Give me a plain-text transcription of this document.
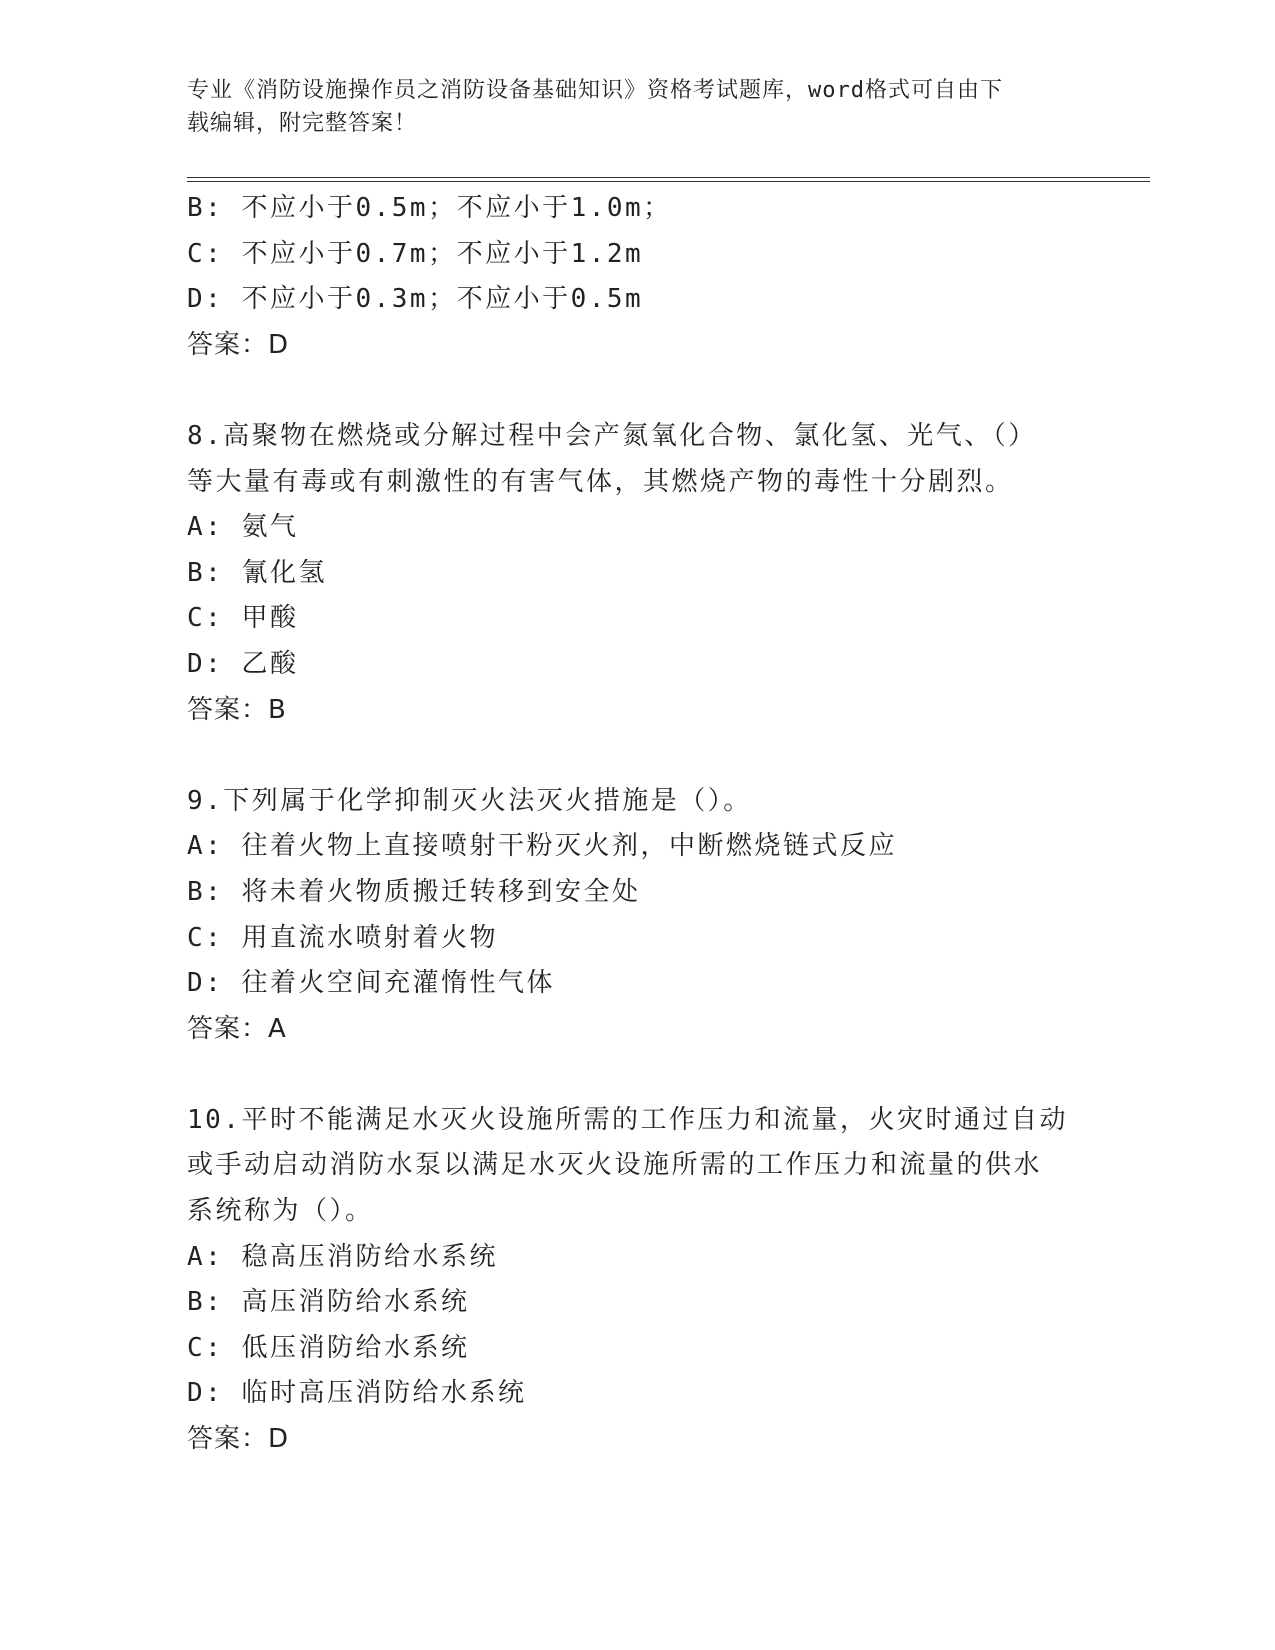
专业《消防设施操作员之消防设备基础知识》资格考试题库，word格式可自由下
载编辑，附完整答案！
B: 不应小于0.5m；不应小于1.0m；
C: 不应小于0.7m；不应小于1.2m
D: 不应小于0.3m；不应小于0.5m
答案：D
8.高聚物在燃烧或分解过程中会产氮氧化合物、氯化氢、光气、（）
等大量有毒或有刺激性的有害气体，其燃烧产物的毒性十分剧烈。
A: 氨气
B: 氰化氢
C: 甲酸
D: 乙酸
答案：B
9.下列属于化学抑制灭火法灭火措施是（）。
A: 往着火物上直接喷射干粉灭火剂，中断燃烧链式反应
B: 将未着火物质搬迁转移到安全处
C: 用直流水喷射着火物
D: 往着火空间充灌惰性气体
答案：A
10.平时不能满足水灭火设施所需的工作压力和流量，火灾时通过自动
或手动启动消防水泵以满足水灭火设施所需的工作压力和流量的供水
系统称为（）。
A: 稳高压消防给水系统
B: 高压消防给水系统
C: 低压消防给水系统
D: 临时高压消防给水系统
答案：D
